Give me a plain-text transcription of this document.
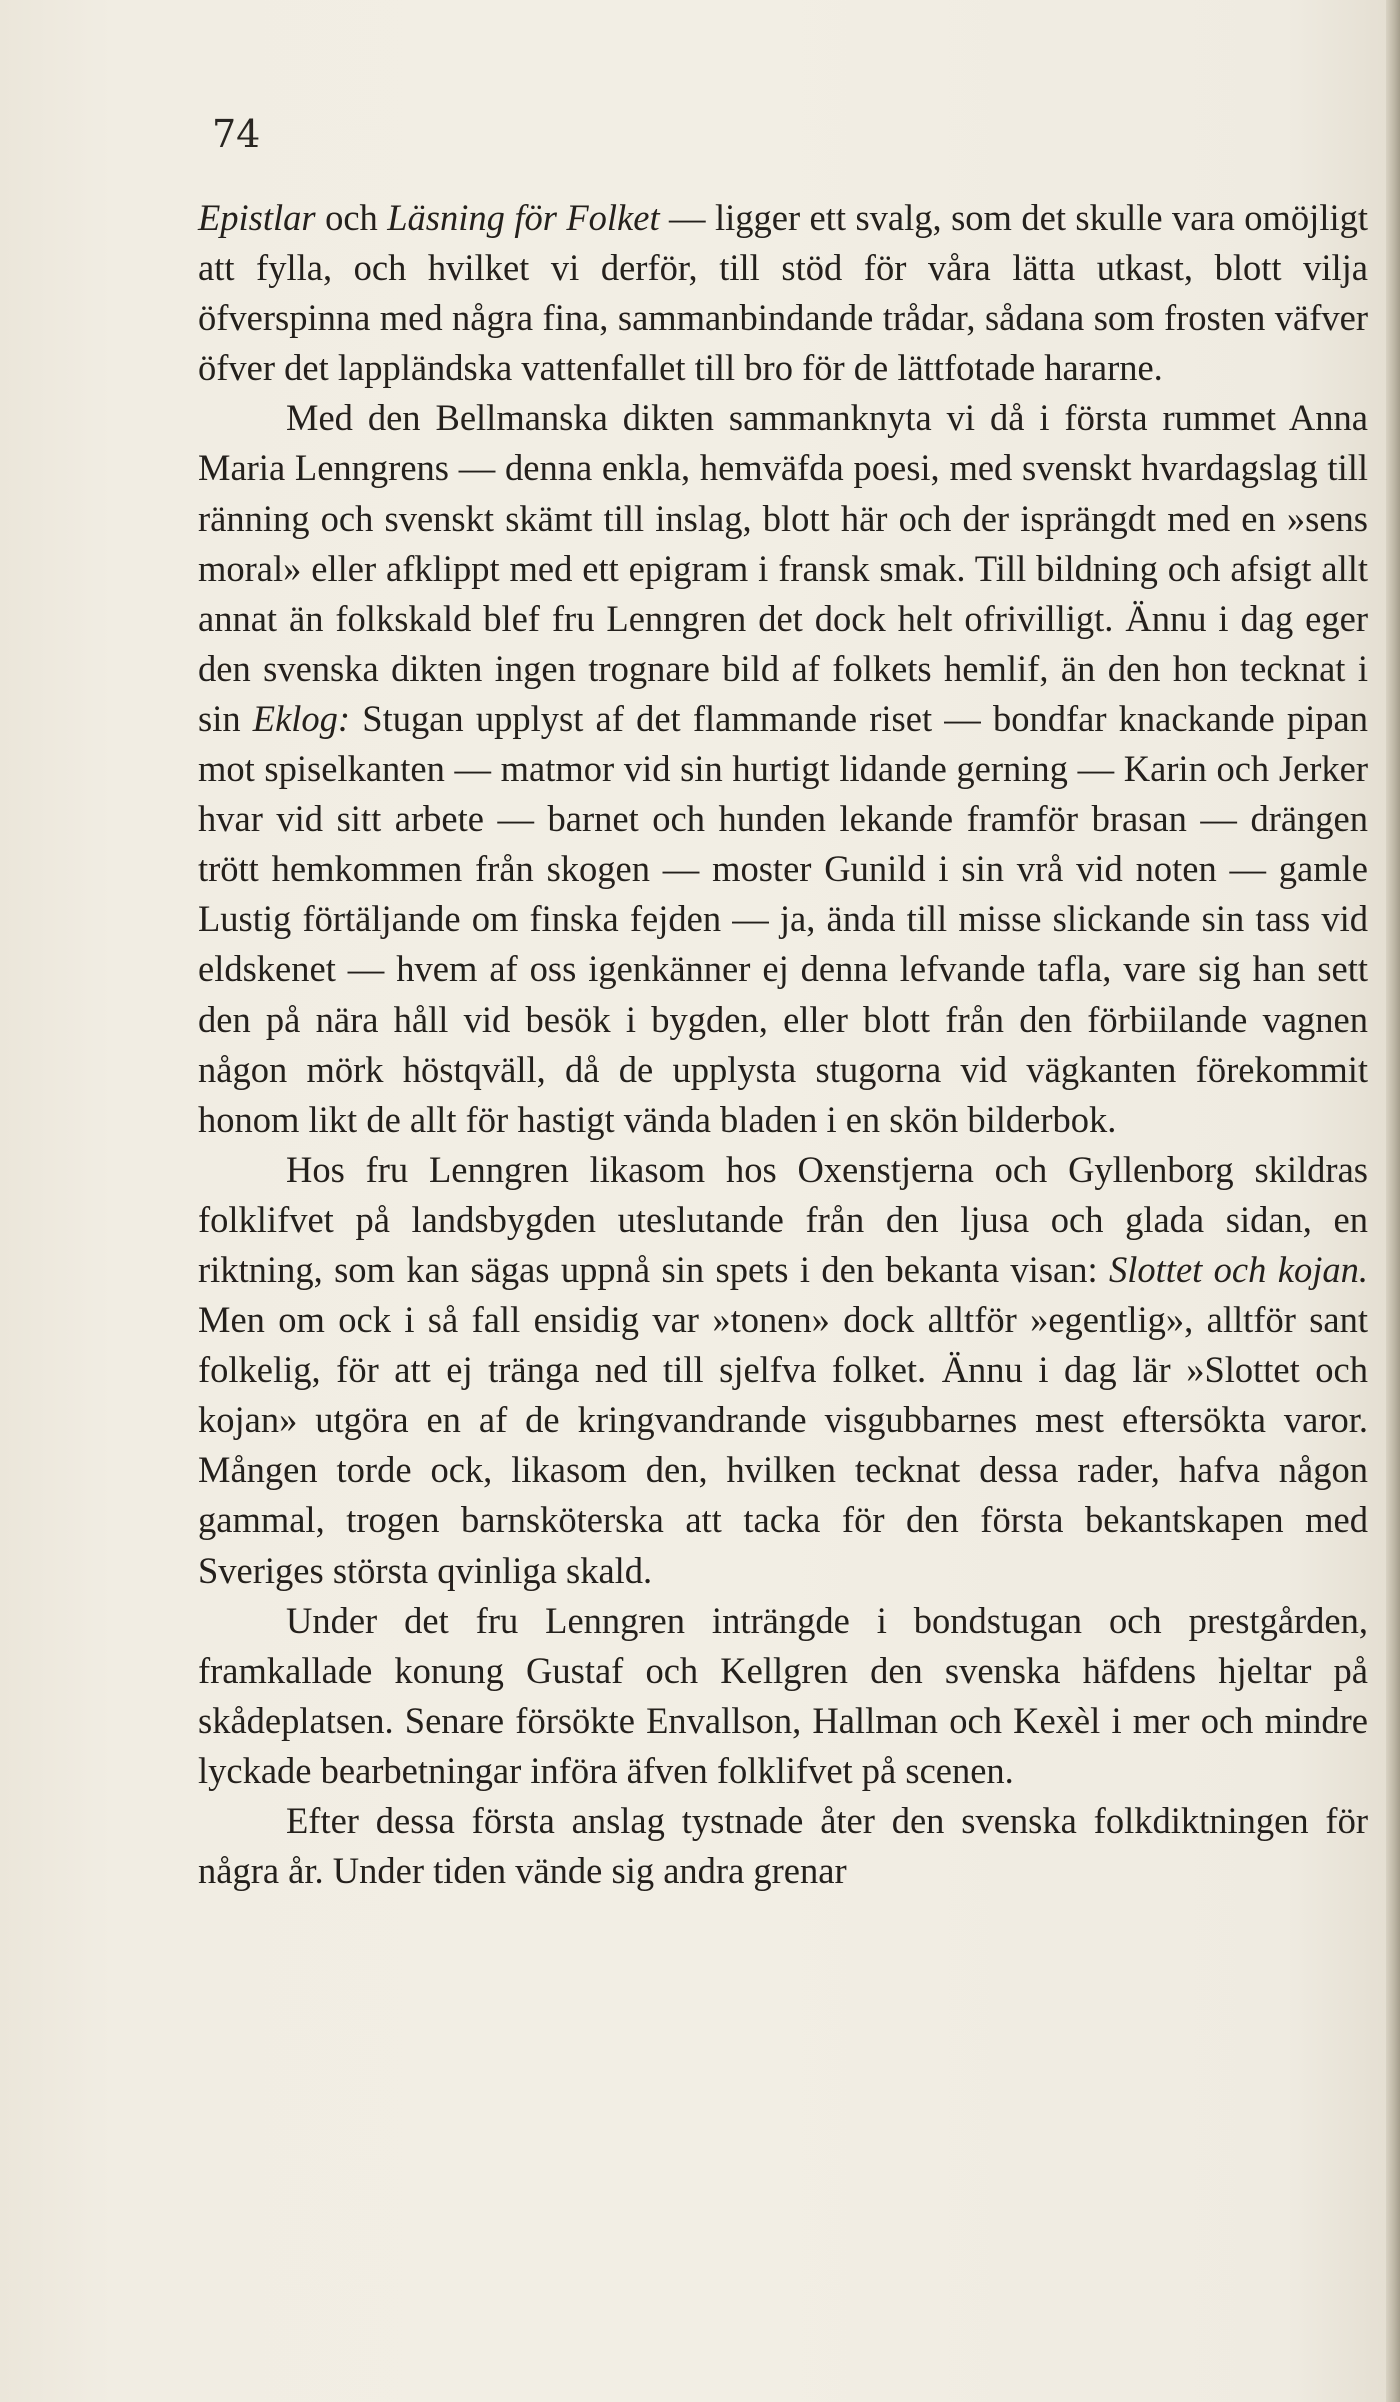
74

Epistlar och Läsning för Folket — ligger ett svalg, som det skulle vara omöjligt att fylla, och hvilket vi derför, till stöd för våra lätta utkast, blott vilja öfverspinna med några fina, sammanbindande trådar, sådana som frosten väfver öfver det lappländska vattenfallet till bro för de lättfotade hararne.

Med den Bellmanska dikten sammanknyta vi då i första rummet Anna Maria Lenngrens — denna enkla, hemväfda poesi, med svenskt hvardagslag till ränning och svenskt skämt till inslag, blott här och der isprängdt med en »sens moral» eller afklippt med ett epigram i fransk smak. Till bildning och afsigt allt annat än folkskald blef fru Lenngren det dock helt ofrivilligt. Ännu i dag eger den svenska dikten ingen trognare bild af folkets hemlif, än den hon tecknat i sin Eklog: Stugan upplyst af det flammande riset — bondfar knackande pipan mot spiselkanten — matmor vid sin hurtigt lidande gerning — Karin och Jerker hvar vid sitt arbete — barnet och hunden lekande framför brasan — drängen trött hemkommen från skogen — moster Gunild i sin vrå vid noten — gamle Lustig förtäljande om finska fejden — ja, ända till misse slickande sin tass vid eldskenet — hvem af oss igenkänner ej denna lefvande tafla, vare sig han sett den på nära håll vid besök i bygden, eller blott från den förbiilande vagnen någon mörk höstqväll, då de upplysta stugorna vid vägkanten förekommit honom likt de allt för hastigt vända bladen i en skön bilderbok.

Hos fru Lenngren likasom hos Oxenstjerna och Gyllenborg skildras folklifvet på landsbygden uteslutande från den ljusa och glada sidan, en riktning, som kan sägas uppnå sin spets i den bekanta visan: Slottet och kojan. Men om ock i så fall ensidig var »tonen» dock alltför »egentlig», alltför sant folkelig, för att ej tränga ned till sjelfva folket. Ännu i dag lär »Slottet och kojan» utgöra en af de kringvandrande visgubbarnes mest eftersökta varor. Mången torde ock, likasom den, hvilken tecknat dessa rader, hafva någon gammal, trogen barnsköterska att tacka för den första bekantskapen med Sveriges största qvinliga skald.

Under det fru Lenngren inträngde i bondstugan och prestgården, framkallade konung Gustaf och Kellgren den svenska häfdens hjeltar på skådeplatsen. Senare försökte Envallson, Hallman och Kexèl i mer och mindre lyckade bearbetningar införa äfven folklifvet på scenen.

Efter dessa första anslag tystnade åter den svenska folkdiktningen för några år. Under tiden vände sig andra grenar
